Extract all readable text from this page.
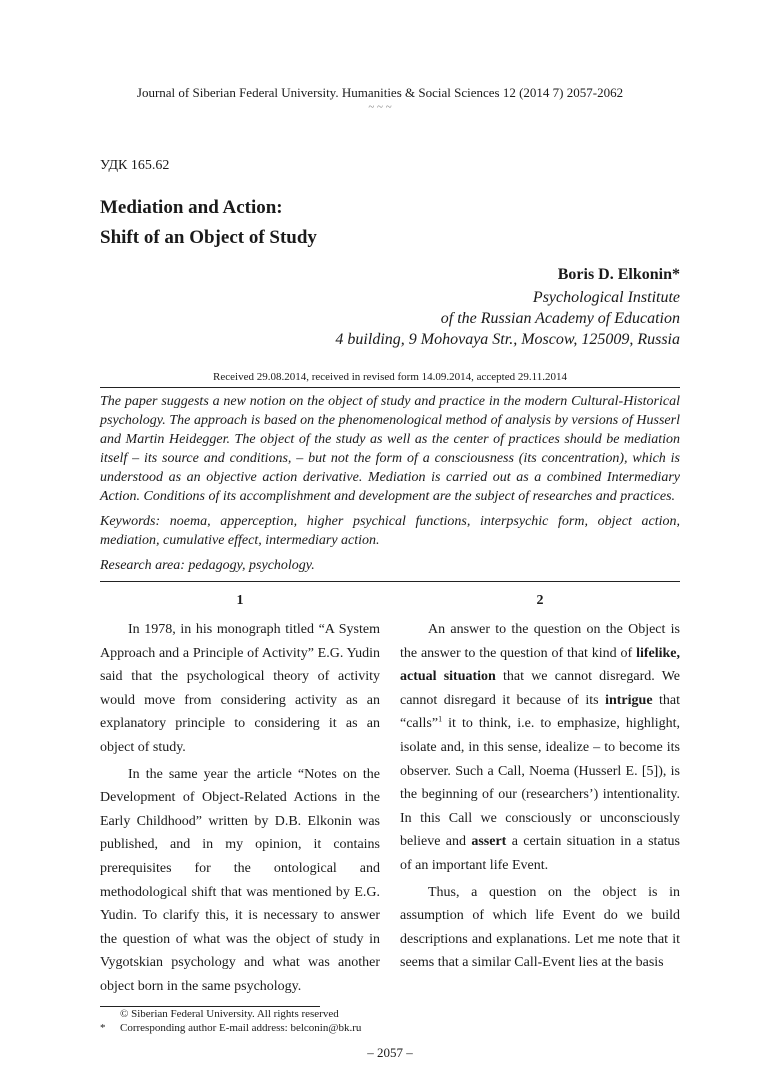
Journal of Siberian Federal University. Humanities & Social Sciences 12 (2014 7) 2057-2062
~ ~ ~
УДК 165.62
Mediation and Action:
Shift of an Object of Study
Boris D. Elkonin*
Psychological Institute
of the Russian Academy of Education
4 building, 9 Mohovaya Str., Moscow, 125009, Russia
Received 29.08.2014, received in revised form 14.09.2014, accepted 29.11.2014

The paper suggests a new notion on the object of study and practice in the modern Cultural-Historical psychology. The approach is based on the phenomenological method of analysis by versions of Husserl and Martin Heidegger. The object of the study as well as the center of practices should be mediation itself – its source and conditions, – but not the form of a consciousness (its concentration), which is understood as an objective action derivative. Mediation is carried out as a combined Intermediary Action. Conditions of its accomplishment and development are the subject of researches and practices.

Keywords: noema, apperception, higher psychical functions, interpsychic form, object action, mediation, cumulative effect, intermediary action.

Research area: pedagogy, psychology.

1	2

In 1978, in his monograph titled “A System Approach and a Principle of Activity” E.G. Yudin said that the psychological theory of activity would move from considering activity as an explanatory principle to considering it as an object of study.

In the same year the article “Notes on the Development of Object-Related Actions in the Early Childhood” written by D.B. Elkonin was published, and in my opinion, it contains prerequisites for the ontological and methodological shift that was mentioned by E.G. Yudin. To clarify this, it is necessary to answer the question of what was the object of study in Vygotskian psychology and what was another object born in the same psychology.

An answer to the question on the Object is the answer to the question of that kind of lifelike, actual situation that we cannot disregard. We cannot disregard it because of its intrigue that “calls”$^1$ it to think, i.e. to emphasize, highlight, isolate and, in this sense, idealize – to become its observer. Such a Call, Noema (Husserl E. [5]), is the beginning of our (researchers’) intentionality. In this Call we consciously or unconsciously believe and assert a certain situation in a status of an important life Event.

Thus, a question on the object is in assumption of which life Event do we build descriptions and explanations. Let me note that it seems that a similar Call-Event lies at the basis

© Siberian Federal University. All rights reserved
*	Corresponding author E-mail address: belconin@bk.ru
– 2057 –
